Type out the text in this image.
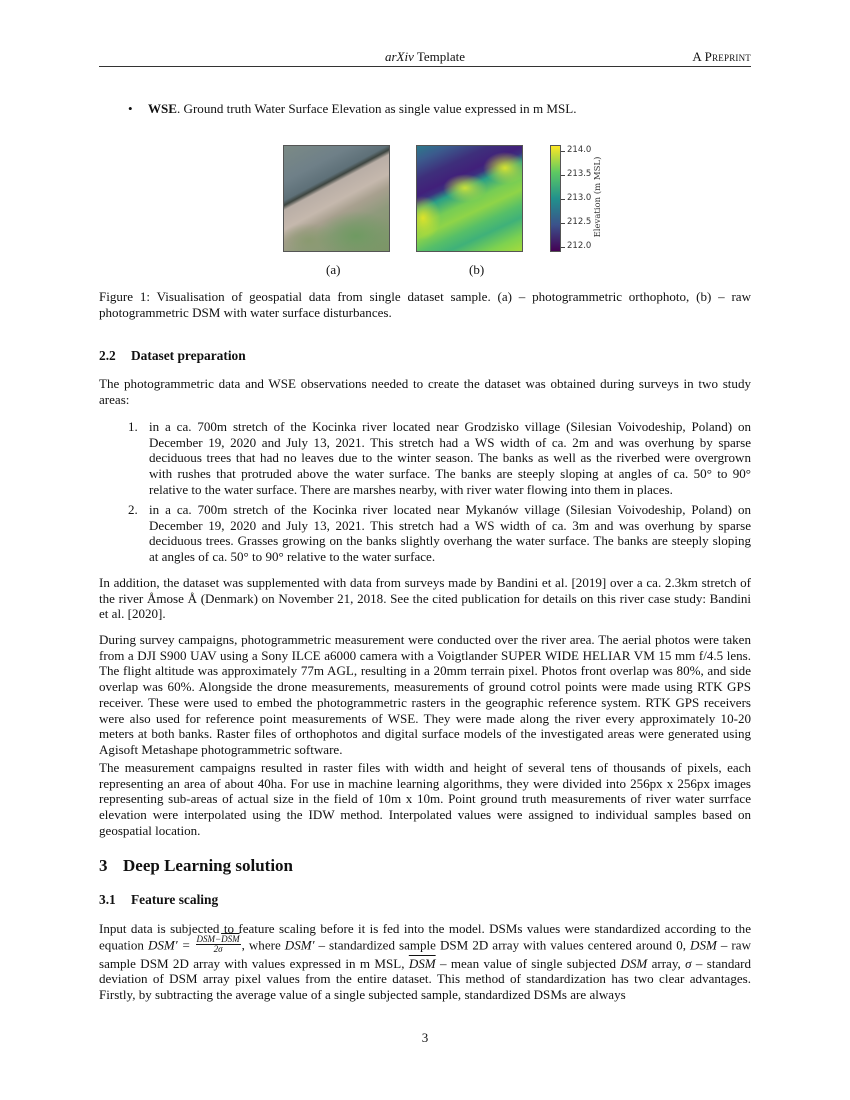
arXiv Template	A Preprint
• WSE. Ground truth Water Surface Elevation as single value expressed in m MSL.
214.0
213.5
213.0
212.5
212.0
Elevation (m MSL)
(a)	(b)
Figure 1: Visualisation of geospatial data from single dataset sample. (a) – photogrammetric orthophoto, (b) – raw photogrammetric DSM with water surface disturbances.
2.2 Dataset preparation
The photogrammetric data and WSE observations needed to create the dataset was obtained during surveys in two study areas:
1. in a ca. 700m stretch of the Kocinka river located near Grodzisko village (Silesian Voivodeship, Poland) on December 19, 2020 and July 13, 2021. This stretch had a WS width of ca. 2m and was overhung by sparse deciduous trees that had no leaves due to the winter season. The banks as well as the riverbed were overgrown with rushes that protruded above the water surface. The banks are steeply sloping at angles of ca. 50° to 90° relative to the water surface. There are marshes nearby, with river water flowing into them in places.
2. in a ca. 700m stretch of the Kocinka river located near Mykanów village (Silesian Voivodeship, Poland) on December 19, 2020 and July 13, 2021. This stretch had a WS width of ca. 3m and was overhung by sparse deciduous trees. Grasses growing on the banks slightly overhang the water surface. The banks are steeply sloping at angles of ca. 50° to 90° relative to the water surface.
In addition, the dataset was supplemented with data from surveys made by Bandini et al. [2019] over a ca. 2.3km stretch of the river Åmose Å (Denmark) on November 21, 2018. See the cited publication for details on this river case study: Bandini et al. [2020].
During survey campaigns, photogrammetric measurement were conducted over the river area. The aerial photos were taken from a DJI S900 UAV using a Sony ILCE a6000 camera with a Voigtlander SUPER WIDE HELIAR VM 15 mm f/4.5 lens. The flight altitude was approximately 77m AGL, resulting in a 20mm terrain pixel. Photos front overlap was 80%, and side overlap was 60%. Alongside the drone measurements, measurements of ground cotrol points were made using RTK GPS receiver. These were used to embed the photogrammetric rasters in the geographic reference system. RTK GPS receivers were also used for reference point measurements of WSE. They were made along the river every approximately 10-20 meters at both banks. Raster files of orthophotos and digital surface models of the investigated areas were generated using Agisoft Metashape photogrammetric software.
The measurement campaigns resulted in raster files with width and height of several tens of thousands of pixels, each representing an area of about 40ha. For use in machine learning algorithms, they were divided into 256px x 256px images representing sub-areas of actual size in the field of 10m x 10m. Point ground truth measurements of river water surrface elevation were interpolated using the IDW method. Interpolated values were assigned to individual samples based on geospatial location.
3 Deep Learning solution
3.1 Feature scaling
Input data is subjected to feature scaling before it is fed into the model. DSMs values were standardized according to the equation $DSM' = \frac{DSM-\overline{DSM}}{2\sigma}$ , where DSM′ – standardized sample DSM 2D array with values centered around 0, DSM – raw sample DSM 2D array with values expressed in m MSL, $\overline{DSM}$ – mean value of single subjected DSM array, σ – standard deviation of DSM array pixel values from the entire dataset. This method of standardization has two clear advantages. Firstly, by subtracting the average value of a single subjected sample, standardized DSMs are always
3
